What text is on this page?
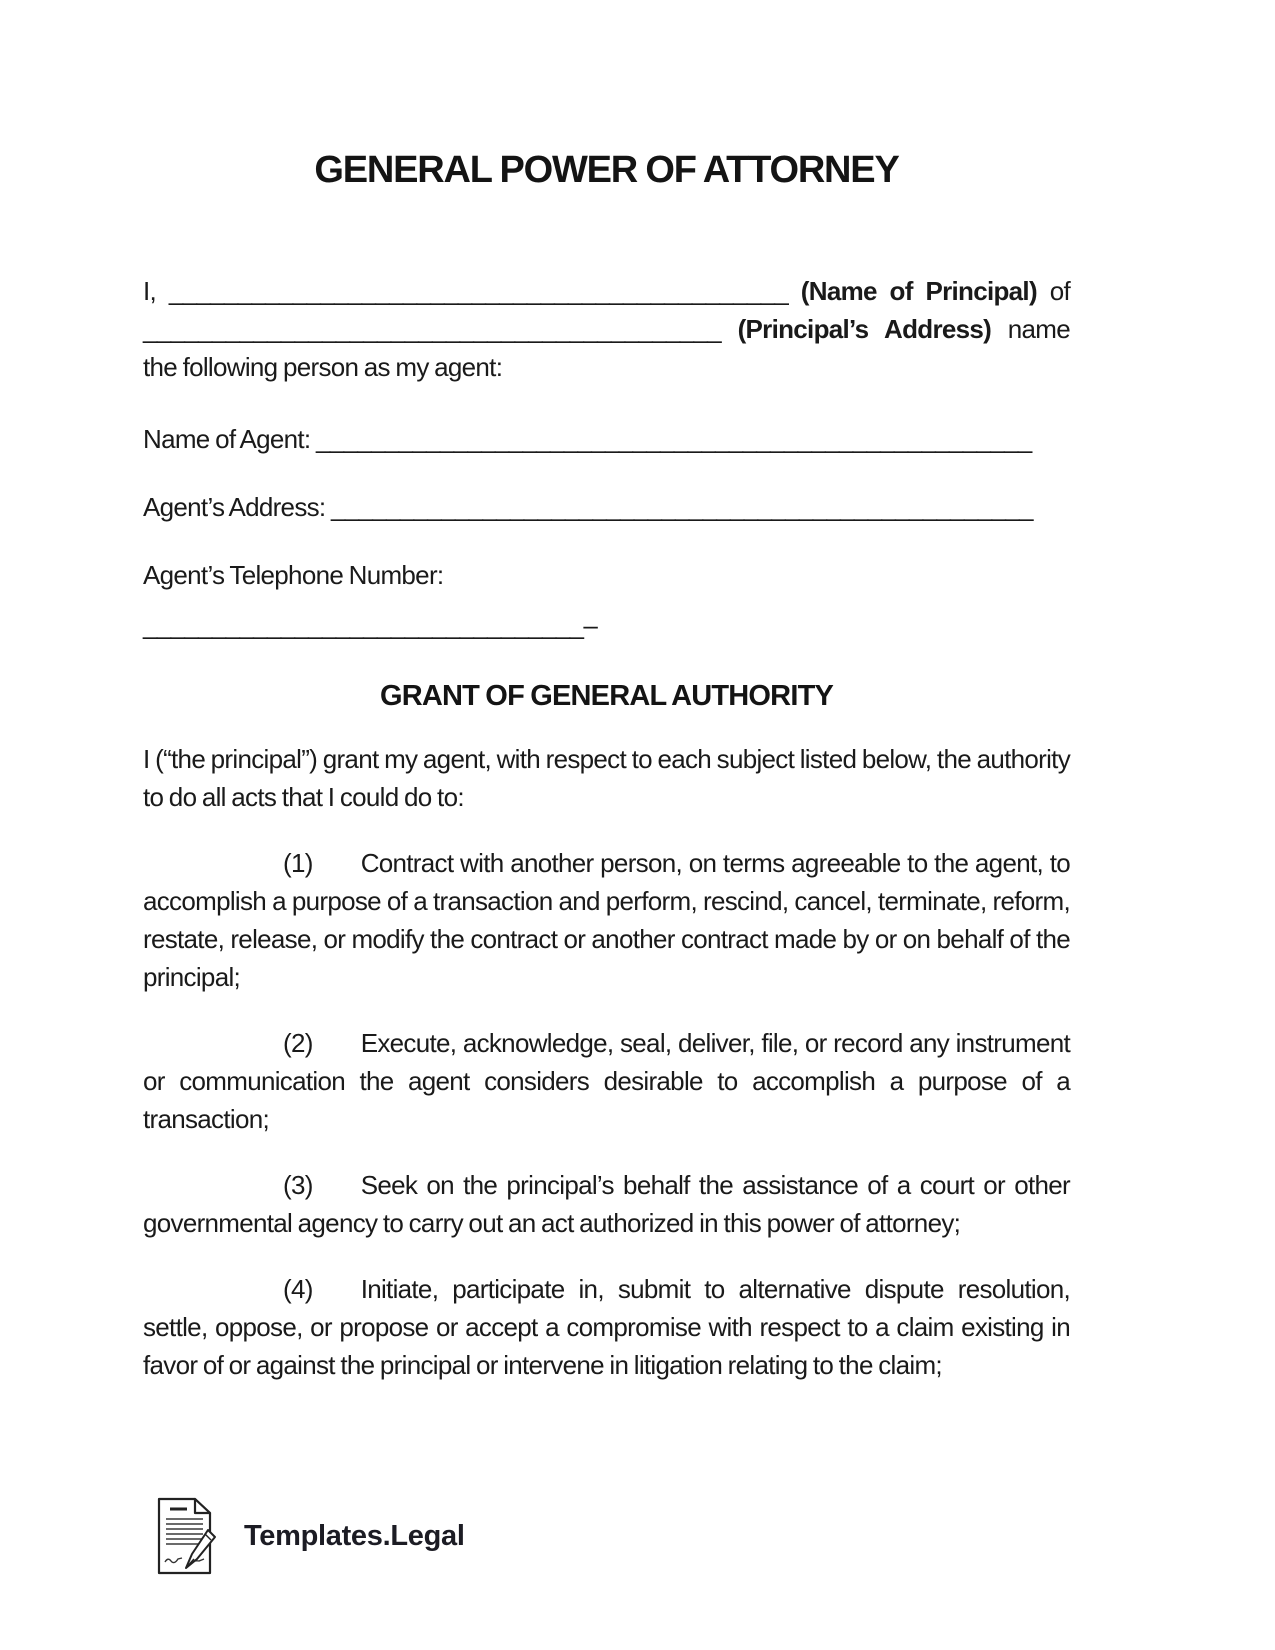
GENERAL POWER OF ATTORNEY

I, _____________________________________________ (Name of Principal) of __________________________________________ (Principal’s Address) name the following person as my agent:

Name of Agent: ____________________________________________________

Agent’s Address: ___________________________________________________

Agent’s Telephone Number:
________________________________–

GRANT OF GENERAL AUTHORITY

I (“the principal”) grant my agent, with respect to each subject listed below, the authority to do all acts that I could do to:

(1) Contract with another person, on terms agreeable to the agent, to accomplish a purpose of a transaction and perform, rescind, cancel, terminate, reform, restate, release, or modify the contract or another contract made by or on behalf of the principal;

(2) Execute, acknowledge, seal, deliver, file, or record any instrument or communication the agent considers desirable to accomplish a purpose of a transaction;

(3) Seek on the principal’s behalf the assistance of a court or other governmental agency to carry out an act authorized in this power of attorney;

(4) Initiate, participate in, submit to alternative dispute resolution, settle, oppose, or propose or accept a compromise with respect to a claim existing in favor of or against the principal or intervene in litigation relating to the claim;

Templates.Legal
